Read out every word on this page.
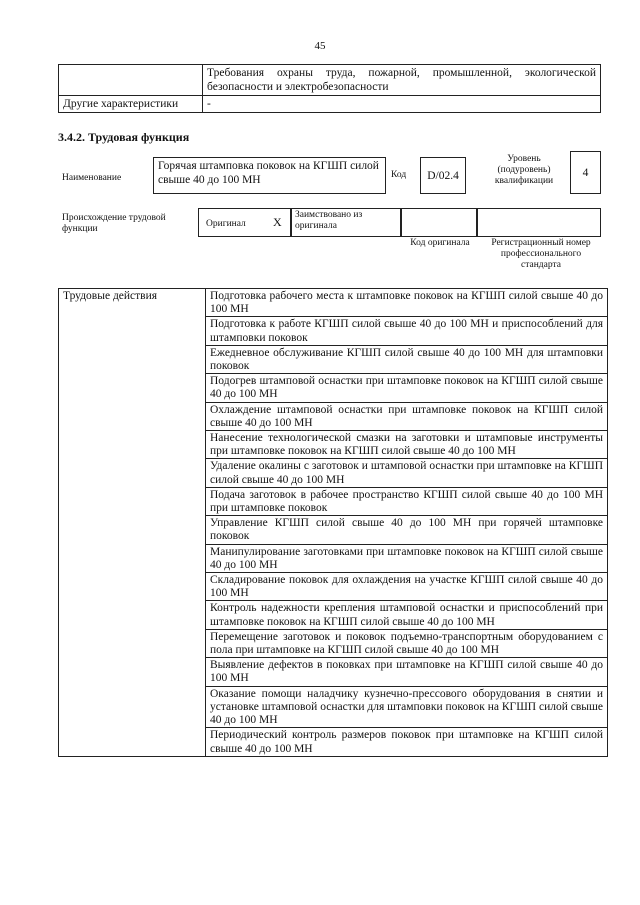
45
	Требования охраны труда, пожарной, промышленной, экологической безопасности и электробезопасности
Другие характеристики	-
3.4.2. Трудовая функция
Наименование
Горячая штамповка поковок на КГШП силой свыше 40 до 100 МН	Код	D/02.4
Уровень (подуровень) квалификации
4
Происхождение трудовой функции	Оригинал X Заимствовано из оригинала
Код оригинала	Регистрационный номер профессионального стандарта
Трудовые действия	Подготовка рабочего места к штамповке поковок на КГШП силой свыше 40 до 100 МН
Подготовка к работе КГШП силой свыше 40 до 100 МН и приспособлений для штамповки поковок
Ежедневное обслуживание КГШП силой свыше 40 до 100 МН для штамповки поковок
Подогрев штамповой оснастки при штамповке поковок на КГШП силой свыше 40 до 100 МН
Охлаждение штамповой оснастки при штамповке поковок на КГШП силой свыше 40 до 100 МН
Нанесение технологической смазки на заготовки и штамповые инструменты при штамповке поковок на КГШП силой свыше 40 до 100 МН
Удаление окалины с заготовок и штамповой оснастки при штамповке на КГШП силой свыше 40 до 100 МН
Подача заготовок в рабочее пространство КГШП силой свыше 40 до 100 МН при штамповке поковок
Управление КГШП силой свыше 40 до 100 МН при горячей штамповке поковок
Манипулирование заготовками при штамповке поковок на КГШП силой свыше 40 до 100 МН
Складирование поковок для охлаждения на участке КГШП силой свыше 40 до 100 МН
Контроль надежности крепления штамповой оснастки и приспособлений при штамповке поковок на КГШП силой свыше 40 до 100 МН
Перемещение заготовок и поковок подъемно-транспортным оборудованием с пола при штамповке на КГШП силой свыше 40 до 100 МН
Выявление дефектов в поковках при штамповке на КГШП силой свыше 40 до 100 МН
Оказание помощи наладчику кузнечно-прессового оборудования в снятии и установке штамповой оснастки для штамповки поковок на КГШП силой свыше 40 до 100 МН
Периодический контроль размеров поковок при штамповке на КГШП силой свыше 40 до 100 МН
